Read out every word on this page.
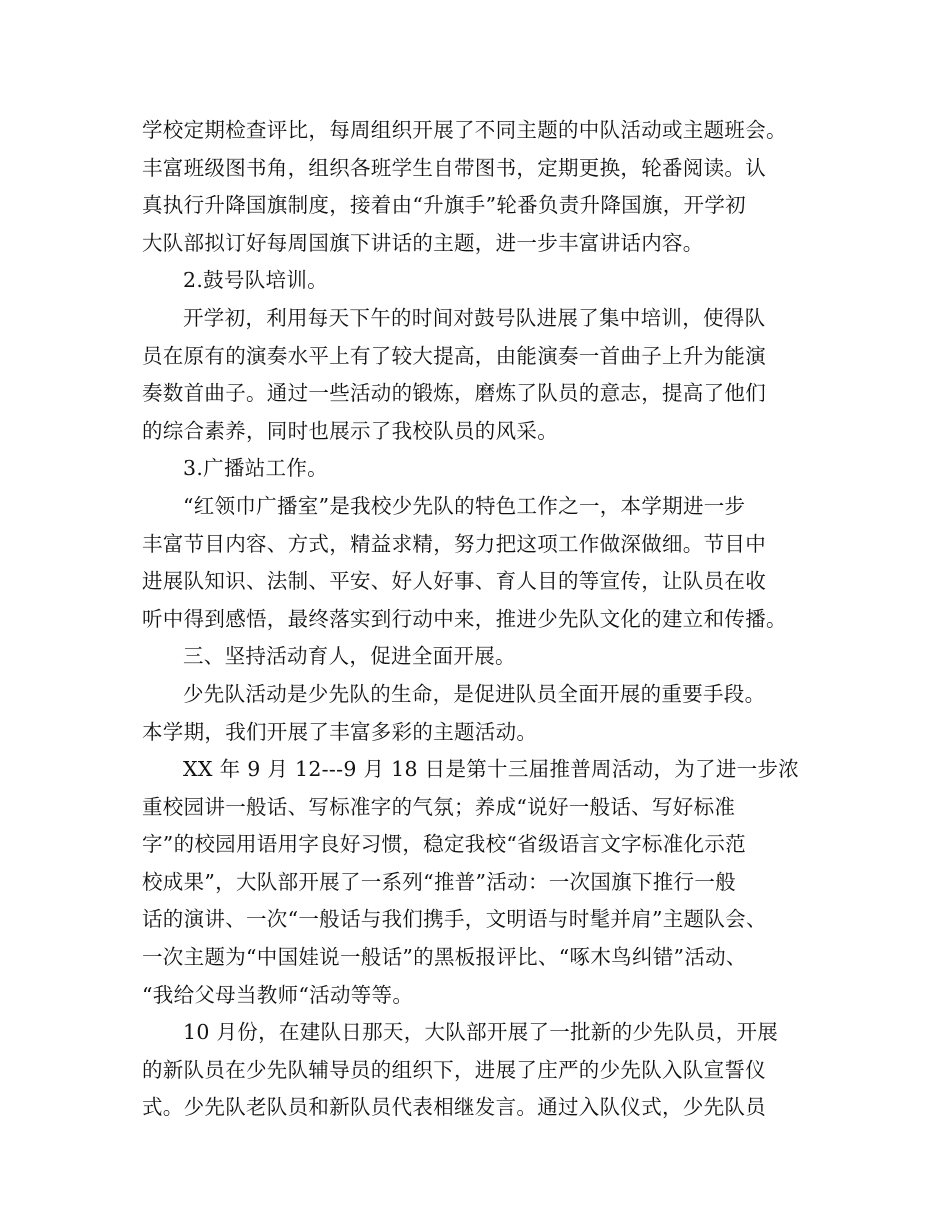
学校定期检查评比，每周组织开展了不同主题的中队活动或主题班会。
丰富班级图书角，组织各班学生自带图书，定期更换，轮番阅读。认
真执行升降国旗制度，接着由“升旗手”轮番负责升降国旗，开学初
大队部拟订好每周国旗下讲话的主题，进一步丰富讲话内容。
2.鼓号队培训。
开学初，利用每天下午的时间对鼓号队进展了集中培训，使得队
员在原有的演奏水平上有了较大提高，由能演奏一首曲子上升为能演
奏数首曲子。通过一些活动的锻炼，磨炼了队员的意志，提高了他们
的综合素养，同时也展示了我校队员的风采。
3.广播站工作。
“红领巾广播室”是我校少先队的特色工作之一，本学期进一步
丰富节目内容、方式，精益求精，努力把这项工作做深做细。节目中
进展队知识、法制、平安、好人好事、育人目的等宣传，让队员在收
听中得到感悟，最终落实到行动中来，推进少先队文化的建立和传播。
三、坚持活动育人，促进全面开展。
少先队活动是少先队的生命，是促进队员全面开展的重要手段。
本学期，我们开展了丰富多彩的主题活动。
XX 年 9 月 12---9 月 18 日是第十三届推普周活动，为了进一步浓
重校园讲一般话、写标准字的气氛；养成“说好一般话、写好标准
字”的校园用语用字良好习惯，稳定我校“省级语言文字标准化示范
校成果”，大队部开展了一系列“推普”活动：一次国旗下推行一般
话的演讲、一次“一般话与我们携手，文明语与时髦并肩”主题队会、
一次主题为“中国娃说一般话”的黑板报评比、“啄木鸟纠错”活动、
“我给父母当教师“活动等等。
10 月份，在建队日那天，大队部开展了一批新的少先队员，开展
的新队员在少先队辅导员的组织下，进展了庄严的少先队入队宣誓仪
式。少先队老队员和新队员代表相继发言。通过入队仪式，少先队员
